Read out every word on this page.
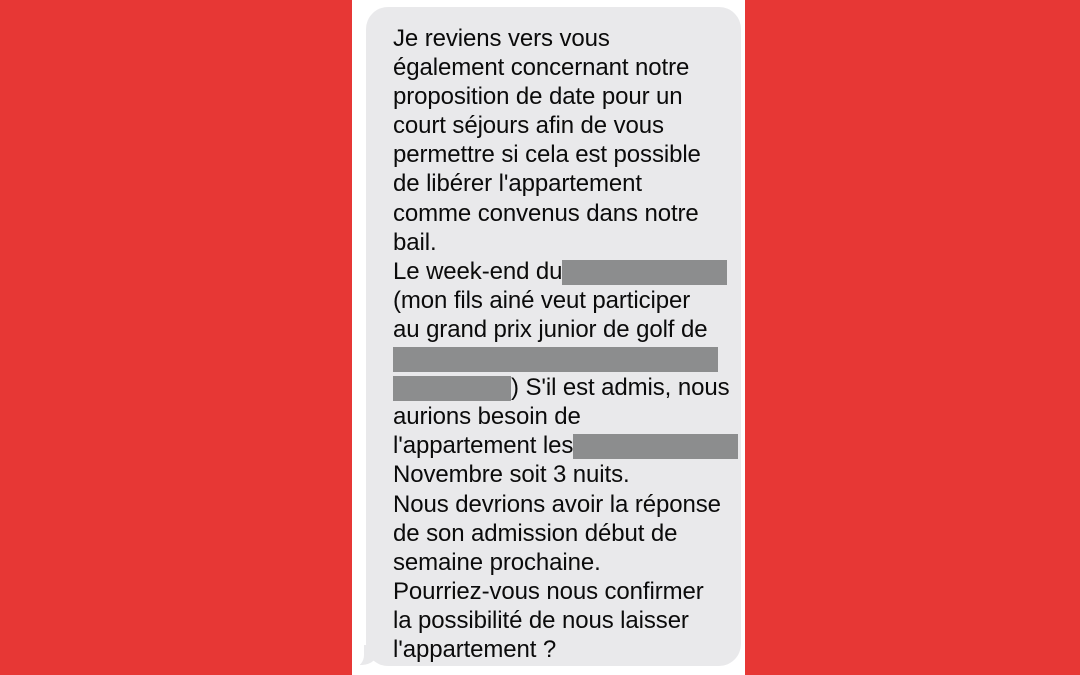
Je reviens vers vous
également concernant notre
proposition de date pour un
court séjours afin de vous
permettre si cela est possible
de libérer l'appartement
comme convenus dans notre
bail.
Le week-end du
(mon fils ainé veut participer
au grand prix junior de golf de
) S'il est admis, nous
aurions besoin de
l'appartement les
Novembre soit 3 nuits.
Nous devrions avoir la réponse
de son admission début de
semaine prochaine.
Pourriez-vous nous confirmer
la possibilité de nous laisser
l'appartement ?
